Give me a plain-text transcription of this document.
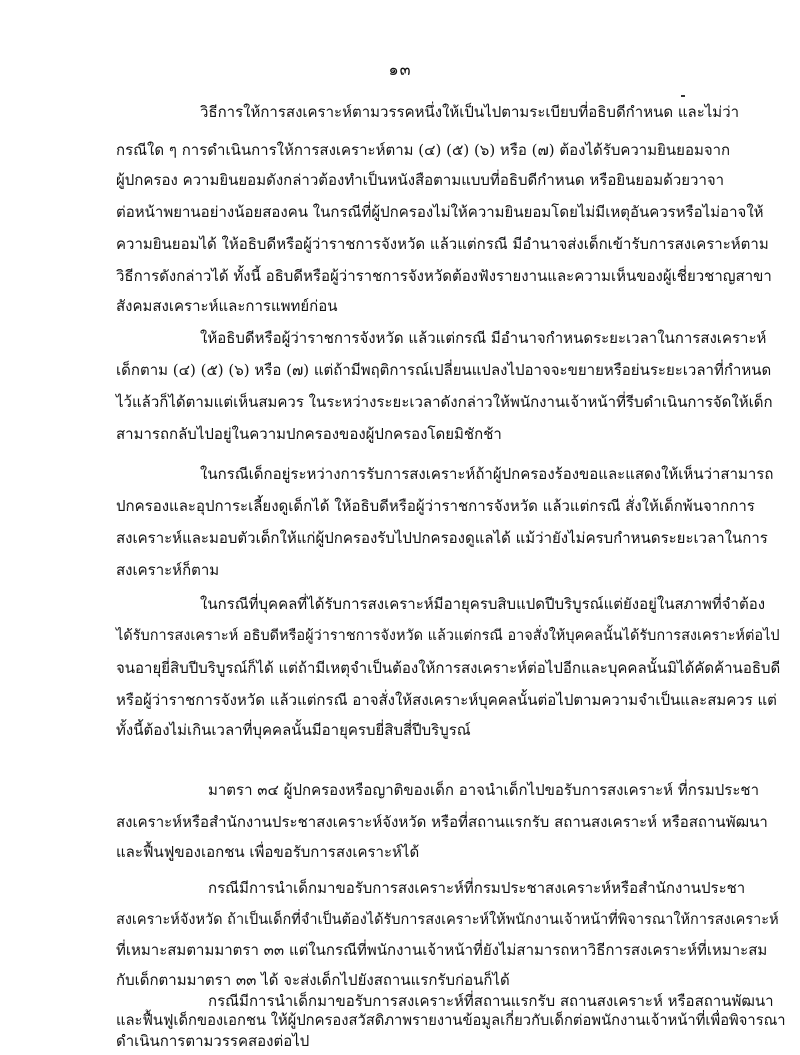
๑๓
วิธีการให้การสงเคราะห์ตามวรรคหนึ่งให้เป็นไปตามระเบียบที่อธิบดีกำหนด และไม่ว่า
กรณีใด ๆ การดำเนินการให้การสงเคราะห์ตาม (๔) (๕) (๖) หรือ (๗) ต้องได้รับความยินยอมจาก
ผู้ปกครอง ความยินยอมดังกล่าวต้องทำเป็นหนังสือตามแบบที่อธิบดีกำหนด หรือยินยอมด้วยวาจา
ต่อหน้าพยานอย่างน้อยสองคน ในกรณีที่ผู้ปกครองไม่ให้ความยินยอมโดยไม่มีเหตุอันควรหรือไม่อาจให้
ความยินยอมได้ ให้อธิบดีหรือผู้ว่าราชการจังหวัด แล้วแต่กรณี มีอำนาจส่งเด็กเข้ารับการสงเคราะห์ตาม
วิธีการดังกล่าวได้ ทั้งนี้ อธิบดีหรือผู้ว่าราชการจังหวัดต้องฟังรายงานและความเห็นของผู้เชี่ยวชาญสาขา
สังคมสงเคราะห์และการแพทย์ก่อน
ให้อธิบดีหรือผู้ว่าราชการจังหวัด แล้วแต่กรณี มีอำนาจกำหนดระยะเวลาในการสงเคราะห์
เด็กตาม (๔) (๕) (๖) หรือ (๗) แต่ถ้ามีพฤติการณ์เปลี่ยนแปลงไปอาจจะขยายหรือย่นระยะเวลาที่กำหนด
ไว้แล้วก็ได้ตามแต่เห็นสมควร ในระหว่างระยะเวลาดังกล่าวให้พนักงานเจ้าหน้าที่รีบดำเนินการจัดให้เด็ก
สามารถกลับไปอยู่ในความปกครองของผู้ปกครองโดยมิชักช้า
ในกรณีเด็กอยู่ระหว่างการรับการสงเคราะห์ถ้าผู้ปกครองร้องขอและแสดงให้เห็นว่าสามารถ
ปกครองและอุปการะเลี้ยงดูเด็กได้ ให้อธิบดีหรือผู้ว่าราชการจังหวัด แล้วแต่กรณี สั่งให้เด็กพ้นจากการ
สงเคราะห์และมอบตัวเด็กให้แก่ผู้ปกครองรับไปปกครองดูแลได้ แม้ว่ายังไม่ครบกำหนดระยะเวลาในการ
สงเคราะห์ก็ตาม
ในกรณีที่บุคคลที่ได้รับการสงเคราะห์มีอายุครบสิบแปดปีบริบูรณ์แต่ยังอยู่ในสภาพที่จำต้อง
ได้รับการสงเคราะห์ อธิบดีหรือผู้ว่าราชการจังหวัด แล้วแต่กรณี อาจสั่งให้บุคคลนั้นได้รับการสงเคราะห์ต่อไป
จนอายุยี่สิบปีบริบูรณ์ก็ได้ แต่ถ้ามีเหตุจำเป็นต้องให้การสงเคราะห์ต่อไปอีกและบุคคลนั้นมิได้คัดค้านอธิบดี
หรือผู้ว่าราชการจังหวัด แล้วแต่กรณี อาจสั่งให้สงเคราะห์บุคคลนั้นต่อไปตามความจำเป็นและสมควร แต่
ทั้งนี้ต้องไม่เกินเวลาที่บุคคลนั้นมีอายุครบยี่สิบสี่ปีบริบูรณ์
มาตรา ๓๔ ผู้ปกครองหรือญาติของเด็ก อาจนำเด็กไปขอรับการสงเคราะห์ ที่กรมประชา
สงเคราะห์หรือสำนักงานประชาสงเคราะห์จังหวัด หรือที่สถานแรกรับ สถานสงเคราะห์ หรือสถานพัฒนา
และฟื้นฟูของเอกชน เพื่อขอรับการสงเคราะห์ได้
กรณีมีการนำเด็กมาขอรับการสงเคราะห์ที่กรมประชาสงเคราะห์หรือสำนักงานประชา
สงเคราะห์จังหวัด ถ้าเป็นเด็กที่จำเป็นต้องได้รับการสงเคราะห์ให้พนักงานเจ้าหน้าที่พิจารณาให้การสงเคราะห์
ที่เหมาะสมตามมาตรา ๓๓ แต่ในกรณีที่พนักงานเจ้าหน้าที่ยังไม่สามารถหาวิธีการสงเคราะห์ที่เหมาะสม
กับเด็กตามมาตรา ๓๓ ได้ จะส่งเด็กไปยังสถานแรกรับก่อนก็ได้
กรณีมีการนำเด็กมาขอรับการสงเคราะห์ที่สถานแรกรับ สถานสงเคราะห์ หรือสถานพัฒนา
และฟื้นฟูเด็กของเอกชน ให้ผู้ปกครองสวัสดิภาพรายงานข้อมูลเกี่ยวกับเด็กต่อพนักงานเจ้าหน้าที่เพื่อพิจารณา
ดำเนินการตามวรรคสองต่อไป
